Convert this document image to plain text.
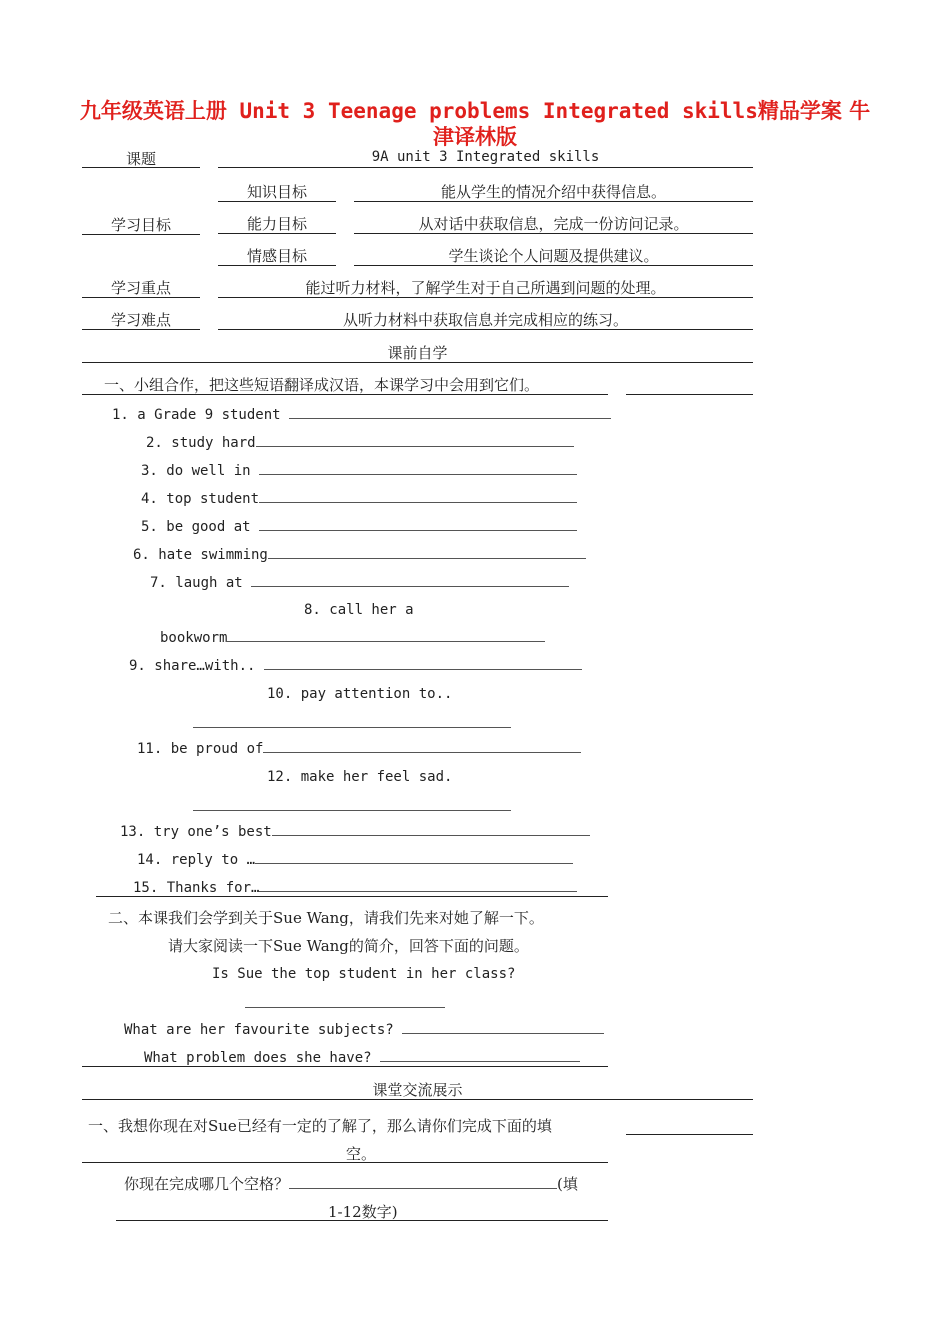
九年级英语上册 Unit 3 Teenage problems Integrated skills精品学案 牛
津译林版
课题	9A unit 3 Integrated skills
学习目标
知识目标	能从学生的情况介绍中获得信息。
能力目标	从对话中获取信息，完成一份访问记录。
情感目标	学生谈论个人问题及提供建议。
学习重点	能过听力材料，了解学生对于自己所遇到问题的处理。
学习难点	从听力材料中获取信息并完成相应的练习。
课前自学
一、小组合作，把这些短语翻译成汉语，本课学习中会用到它们。
1. a Grade 9 student
2. study hard
3. do well in
4. top student
5. be good at
6. hate swimming
7. laugh at
8. call her a
bookworm
9. share…with..
10. pay attention to..
11. be proud of
12. make her feel sad.
13. try one’s best
14. reply to …
15. Thanks for…
二、本课我们会学到关于Sue Wang，请我们先来对她了解一下。
请大家阅读一下Sue Wang的简介，回答下面的问题。
Is Sue the top student in her class?
What are her favourite subjects?
What problem does she have?
课堂交流展示
一、我想你现在对Sue已经有一定的了解了，那么请你们完成下面的填
空。
你现在完成哪几个空格？	(填
1-12数字)
